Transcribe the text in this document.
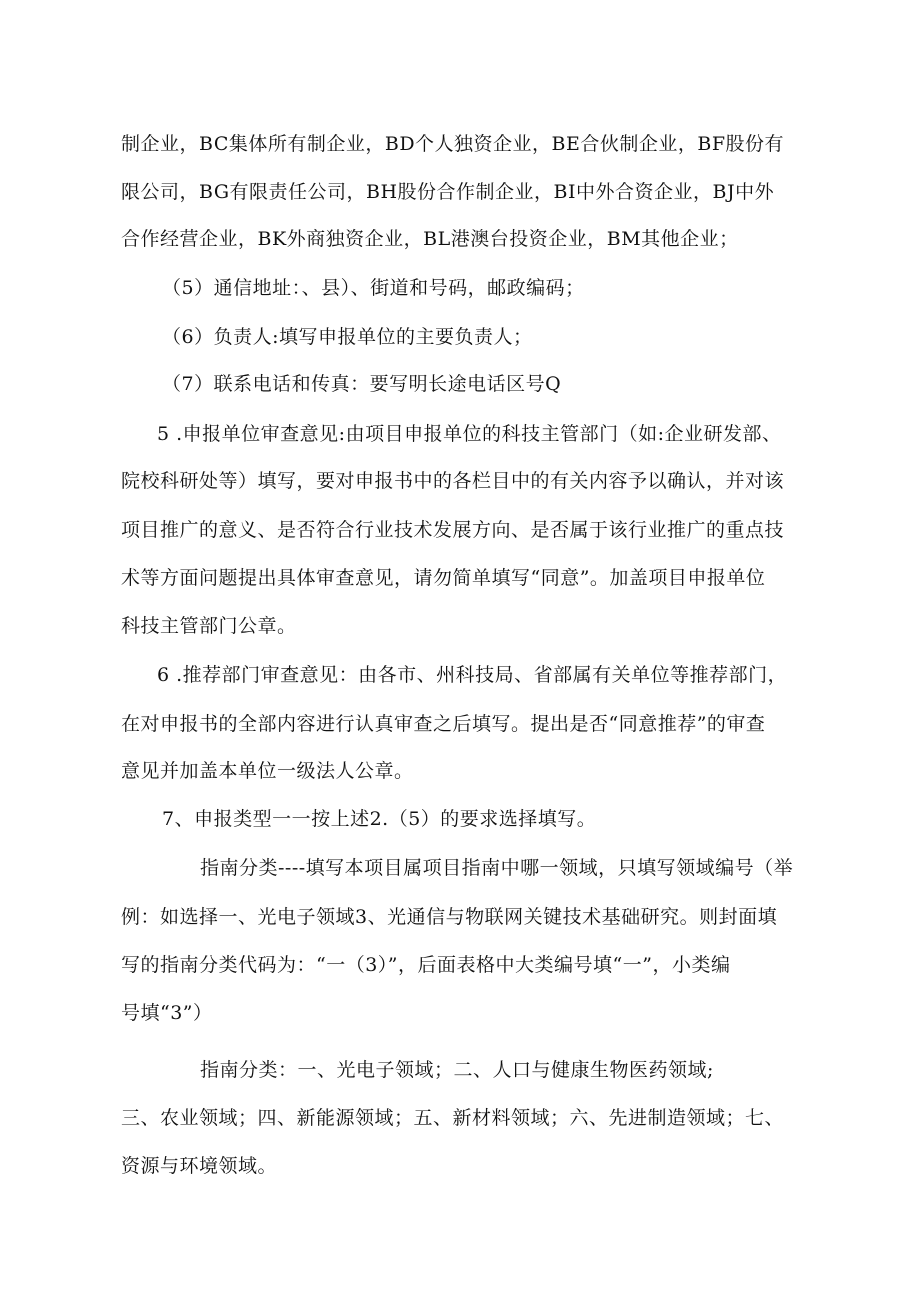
制企业，BC集体所有制企业，BD个人独资企业，BE合伙制企业，BF股份有
限公司，BG有限责任公司，BH股份合作制企业，BI中外合资企业，BJ中外
合作经营企业，BK外商独资企业，BL港澳台投资企业，BM其他企业；
（5）通信地址：、县）、街道和号码，邮政编码；
（6）负责人:填写申报单位的主要负责人；
（7）联系电话和传真：要写明长途电话区号Q
5 .申报单位审查意见:由项目申报单位的科技主管部门（如:企业研发部、
院校科研处等）填写，要对申报书中的各栏目中的有关内容予以确认，并对该
项目推广的意义、是否符合行业技术发展方向、是否属于该行业推广的重点技
术等方面问题提出具体审查意见，请勿简单填写“同意”。加盖项目申报单位
科技主管部门公章。
6 .推荐部门审查意见：由各市、州科技局、省部属有关单位等推荐部门，
在对申报书的全部内容进行认真审查之后填写。提出是否“同意推荐”的审查
意见并加盖本单位一级法人公章。
7、申报类型一一按上述2.（5）的要求选择填写。
指南分类----填写本项目属项目指南中哪一领域，只填写领域编号（举
例：如选择一、光电子领域3、光通信与物联网关键技术基础研究。则封面填
写的指南分类代码为：“一（3）”，后面表格中大类编号填“一”，小类编
号填“3”）
指南分类：一、光电子领域；二、人口与健康生物医药领域;
三、农业领域；四、新能源领域；五、新材料领域；六、先进制造领域；七、
资源与环境领域。
